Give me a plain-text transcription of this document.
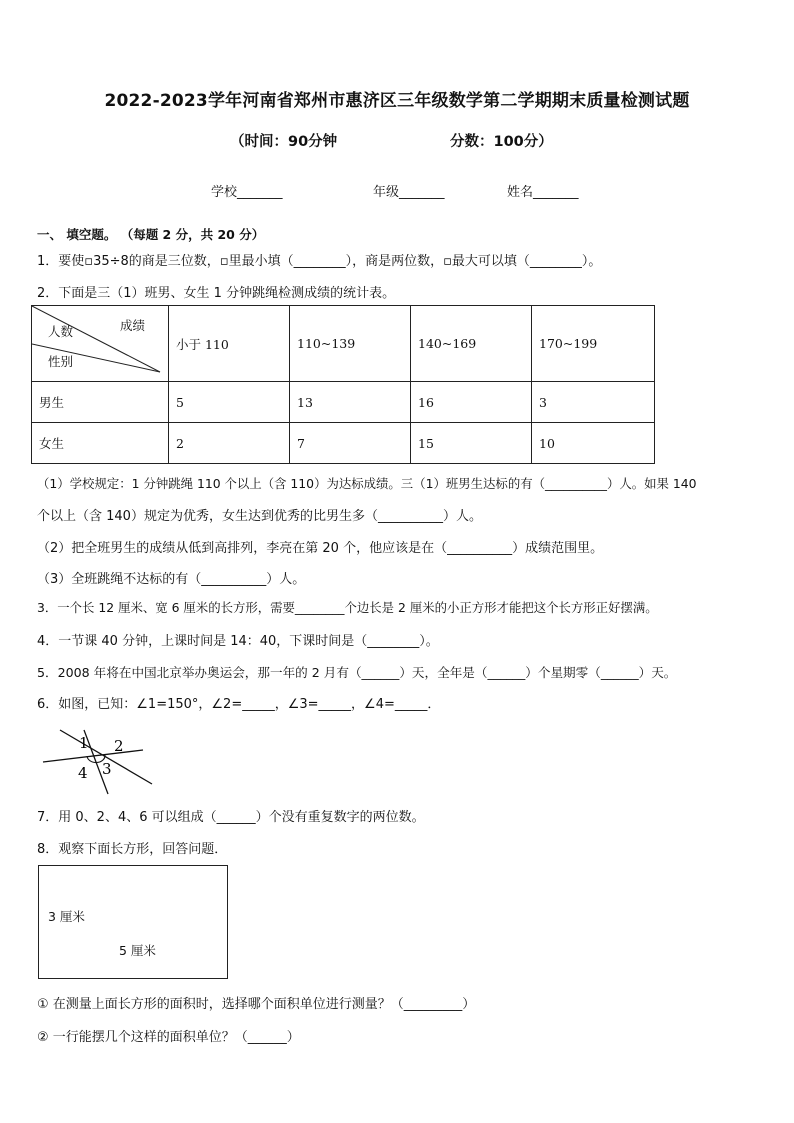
2022-2023学年河南省郑州市惠济区三年级数学第二学期期末质量检测试题
（时间：90分钟	分数：100分）
学校_______	年级_______	姓名_______
一、 填空题。 （每题 2 分，共 20 分）
1．要使▫35÷8的商是三位数，▫里最小填（________），商是两位数，▫最大可以填（________）。
2．下面是三（1）班男、女生 1 分钟跳绳检测成绩的统计表。
成绩
人数
性别	小于 110	110~139	140~169	170~199
男生	5	13	16	3
女生	2	7	15	10
（1）学校规定：1 分钟跳绳 110 个以上（含 110）为达标成绩。三（1）班男生达标的有（__________）人。如果 140
个以上（含 140）规定为优秀，女生达到优秀的比男生多（__________）人。
（2）把全班男生的成绩从低到高排列，李亮在第 20 个，他应该是在（__________）成绩范围里。
（3）全班跳绳不达标的有（__________）人。
3．一个长 12 厘米、宽 6 厘米的长方形，需要________个边长是 2 厘米的小正方形才能把这个长方形正好摆满。
4．一节课 40 分钟，上课时间是 14：40，下课时间是（________）。
5．2008 年将在中国北京举办奥运会，那一年的 2 月有（______）天，全年是（______）个星期零（______）天。
6．如图，已知：∠1=150°，∠2=_____，∠3=_____，∠4=_____．
1 2
3
4
7．用 0、2、4、6 可以组成（______）个没有重复数字的两位数。
8．观察下面长方形，回答问题．
3 厘米
5 厘米
① 在测量上面长方形的面积时，选择哪个面积单位进行测量？（_________）
② 一行能摆几个这样的面积单位？（______）
